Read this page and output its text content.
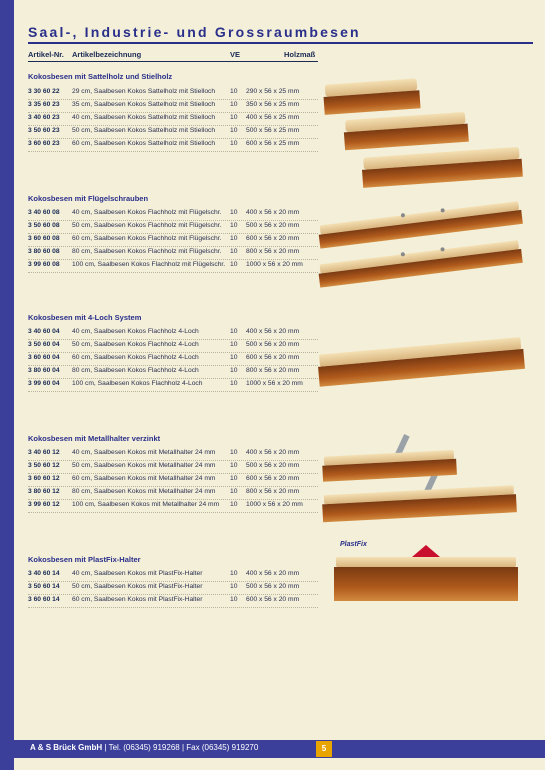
Saal-, Industrie- und Grossraumbesen
Artikel-Nr. Artikelbezeichnung	VE	Holzmaß
Kokosbesen mit Sattelholz und Stielholz
3 30 60 22 29 cm, Saalbesen Kokos Sattelholz mit Stielloch 10 290 x 56 x 25 mm
3 35 60 23 35 cm, Saalbesen Kokos Sattelholz mit Stielloch 10 350 x 56 x 25 mm
3 40 60 23 40 cm, Saalbesen Kokos Sattelholz mit Stielloch 10 400 x 56 x 25 mm
3 50 60 23 50 cm, Saalbesen Kokos Sattelholz mit Stielloch 10 500 x 56 x 25 mm
3 60 60 23 60 cm, Saalbesen Kokos Sattelholz mit Stielloch 10 600 x 56 x 25 mm
Kokosbesen mit Flügelschrauben
3 40 60 08 40 cm, Saalbesen Kokos Flachholz mit Flügelschr. 10 400 x 56 x 20 mm
3 50 60 08 50 cm, Saalbesen Kokos Flachholz mit Flügelschr. 10 500 x 56 x 20 mm
3 60 60 08 60 cm, Saalbesen Kokos Flachholz mit Flügelschr. 10 600 x 56 x 20 mm
3 80 60 08 80 cm, Saalbesen Kokos Flachholz mit Flügelschr. 10 800 x 56 x 20 mm
3 99 60 08 100 cm, Saalbesen Kokos Flachholz mit Flügelschr. 10 1000 x 56 x 20 mm
Kokosbesen mit 4-Loch System
3 40 60 04 40 cm, Saalbesen Kokos Flachholz 4-Loch	10 400 x 56 x 20 mm
3 50 60 04 50 cm, Saalbesen Kokos Flachholz 4-Loch	10 500 x 56 x 20 mm
3 60 60 04 60 cm, Saalbesen Kokos Flachholz 4-Loch	10 600 x 56 x 20 mm
3 80 60 04 80 cm, Saalbesen Kokos Flachholz 4-Loch	10 800 x 56 x 20 mm
3 99 60 04 100 cm, Saalbesen Kokos Flachholz 4-Loch	10 1000 x 56 x 20 mm
Kokosbesen mit Metallhalter verzinkt
3 40 60 12 40 cm, Saalbesen Kokos mit Metallhalter 24 mm 10 400 x 56 x 20 mm
3 50 60 12 50 cm, Saalbesen Kokos mit Metallhalter 24 mm 10 500 x 56 x 20 mm
3 60 60 12 60 cm, Saalbesen Kokos mit Metallhalter 24 mm 10 600 x 56 x 20 mm
3 80 60 12 80 cm, Saalbesen Kokos mit Metallhalter 24 mm 10 800 x 56 x 20 mm
3 99 60 12 100 cm, Saalbesen Kokos mit Metallhalter 24 mm 10 1000 x 56 x 20 mm
Kokosbesen mit PlastFix-Halter
3 40 60 14 40 cm, Saalbesen Kokos mit PlastFix-Halter	10 400 x 56 x 20 mm
3 50 60 14 50 cm, Saalbesen Kokos mit PlastFix-Halter	10 500 x 56 x 20 mm
3 60 60 14 60 cm, Saalbesen Kokos mit PlastFix-Halter	10 600 x 56 x 20 mm
PlastFix
A & S Brück GmbH | Tel. (06345) 919268 | Fax (06345) 919270	5
